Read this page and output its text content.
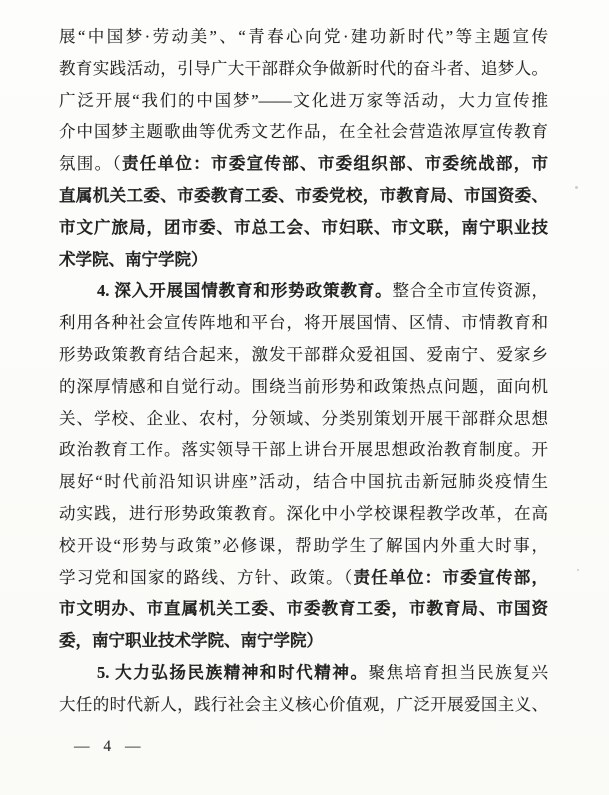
展“中国梦·劳动美”、“青春心向党·建功新时代”等主题宣传
教育实践活动，引导广大干部群众争做新时代的奋斗者、追梦人。
广泛开展“我们的中国梦”——文化进万家等活动，大力宣传推
介中国梦主题歌曲等优秀文艺作品，在全社会营造浓厚宣传教育
氛围。（责任单位：市委宣传部、市委组织部、市委统战部，市
直属机关工委、市委教育工委、市委党校，市教育局、市国资委、
市文广旅局，团市委、市总工会、市妇联、市文联，南宁职业技
术学院、南宁学院）
4. 深入开展国情教育和形势政策教育。整合全市宣传资源，
利用各种社会宣传阵地和平台，将开展国情、区情、市情教育和
形势政策教育结合起来，激发干部群众爱祖国、爱南宁、爱家乡
的深厚情感和自觉行动。围绕当前形势和政策热点问题，面向机
关、学校、企业、农村，分领域、分类别策划开展干部群众思想
政治教育工作。落实领导干部上讲台开展思想政治教育制度。开
展好“时代前沿知识讲座”活动，结合中国抗击新冠肺炎疫情生
动实践，进行形势政策教育。深化中小学校课程教学改革，在高
校开设“形势与政策”必修课，帮助学生了解国内外重大时事，
学习党和国家的路线、方针、政策。（责任单位：市委宣传部，
市文明办、市直属机关工委、市委教育工委，市教育局、市国资
委，南宁职业技术学院、南宁学院）
5. 大力弘扬民族精神和时代精神。聚焦培育担当民族复兴
大任的时代新人，践行社会主义核心价值观，广泛开展爱国主义、
— 4 —
